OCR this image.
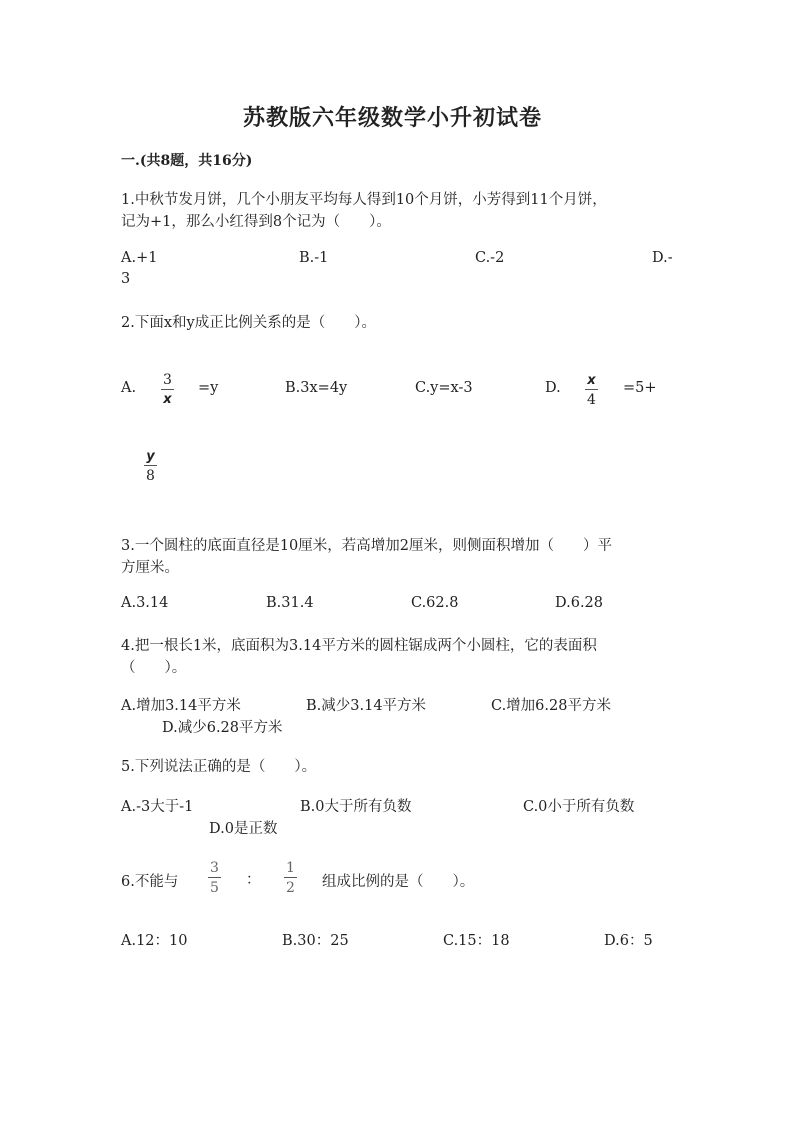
苏教版六年级数学小升初试卷
一.(共8题，共16分)
1.中秋节发月饼，几个小朋友平均每人得到10个月饼，小芳得到11个月饼，
记为+1，那么小红得到8个记为（　　）。
A.+1	B.-1	C.-2	D.-
3
2.下面x和y成正比例关系的是（　　）。
A. 3
x
=y	B.3x=4y	C.y=x-3	D. x
4
=5+
y
8
3.一个圆柱的底面直径是10厘米，若高增加2厘米，则侧面积增加（　　）平
方厘米。
A.3.14	B.31.4	C.62.8	D.6.28
4.把一根长1米，底面积为3.14平方米的圆柱锯成两个小圆柱，它的表面积
（　　）。
A.增加3.14平方米	B.减少3.14平方米	C.增加6.28平方米
D.减少6.28平方米
5.下列说法正确的是（　　）。
A.-3大于-1	B.0大于所有负数	C.0小于所有负数
D.0是正数
6.不能与
3
5 ：
1
2 组成比例的是（　　）。
A.12：10	B.30：25	C.15：18	D.6：5
